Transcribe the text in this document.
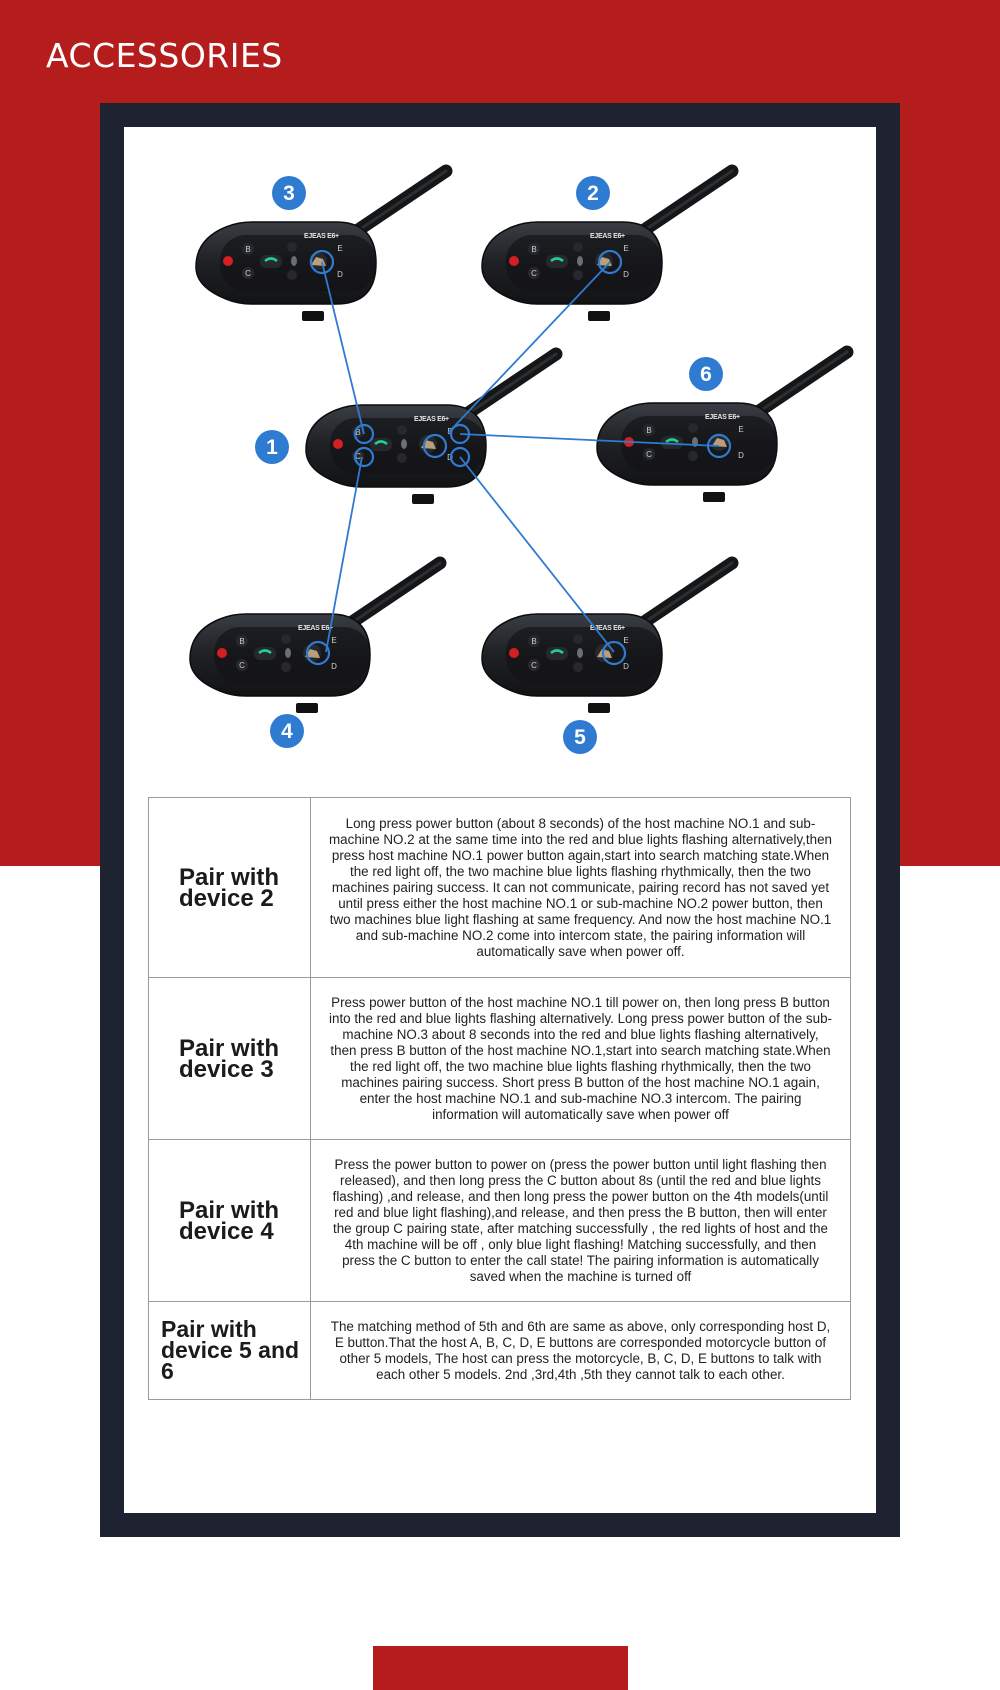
ACCESSORIES
C	D
3	2
6
1
4	5
Pair with device 2	Long press power button (about 8 seconds) of the host machine NO.1 and sub-machine NO.2 at the same time into the red and blue lights flashing alternatively,then press host machine NO.1 power button again,start into search matching state.When the red light off, the two machine blue lights flashing rhythmically, then the two machines pairing success. It can not communicate, pairing record has not saved yet until press either the host machine NO.1 or sub-machine NO.2 power button, then two machines blue light flashing at same frequency. And now the host machine NO.1 and sub-machine NO.2 come into intercom state, the pairing information will automatically save when power off.
Pair with device 3	Press power button of the host machine NO.1 till power on, then long press B button into the red and blue lights flashing alternatively. Long press power button of the sub-machine NO.3 about 8 seconds into the red and blue lights flashing alternatively, then press B button of the host machine NO.1,start into search matching state.When the red light off, the two machine blue lights flashing rhythmically, then the two machines pairing success. Short press B button of the host machine NO.1 again, enter the host machine NO.1 and sub-machine NO.3 intercom. The pairing information will automatically save when power off
Pair with device 4	Press the power button to power on (press the power button until light flashing then released), and then long press the C button about 8s (until the red and blue lights flashing) ,and release, and then long press the power button on the 4th models(until red and blue light flashing),and release, and then press the B button, then will enter the group C pairing state, after matching successfully , the red lights of host and the 4th machine will be off , only blue light flashing! Matching successfully, and then press the C button to enter the call state! The pairing information is automatically saved when the machine is turned off
Pair with device 5 and 6	The matching method of 5th and 6th are same as above, only corresponding host D, E button.That the host A, B, C, D, E buttons are corresponded motorcycle button of other 5 models, The host can press the motorcycle, B, C, D, E buttons to talk with each other 5 models. 2nd ,3rd,4th ,5th they cannot talk to each other.
